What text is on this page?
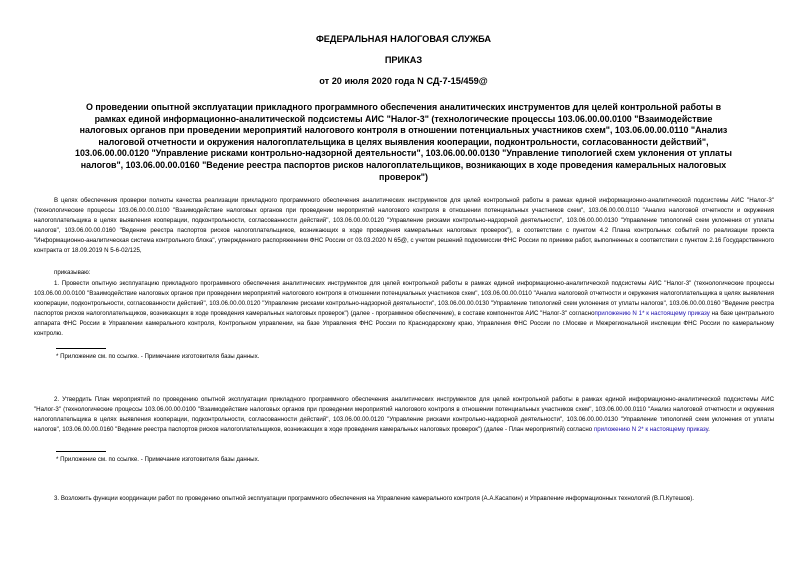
ФЕДЕРАЛЬНАЯ НАЛОГОВАЯ СЛУЖБА
ПРИКАЗ
от 20 июля 2020 года N СД-7-15/459@
О проведении опытной эксплуатации прикладного программного обеспечения аналитических инструментов для целей контрольной работы в рамках единой информационно-аналитической подсистемы АИС "Налог-3" (технологические процессы 103.06.00.00.0100 "Взаимодействие налоговых органов при проведении мероприятий налогового контроля в отношении потенциальных участников схем", 103.06.00.00.0110 "Анализ налоговой отчетности и окружения налогоплательщика в целях выявления кооперации, подконтрольности, согласованности действий", 103.06.00.00.0120 "Управление рисками контрольно-надзорной деятельности", 103.06.00.00.0130 "Управление типологией схем уклонения от уплаты налогов", 103.06.00.00.0160 "Ведение реестра паспортов рисков налогоплательщиков, возникающих в ходе проведения камеральных налоговых проверок")
В целях обеспечения проверки полноты качества реализации прикладного программного обеспечения аналитических инструментов для целей контрольной работы в рамках единой информационно-аналитической подсистемы АИС "Налог-3" (технологические процессы 103.06.00.00.0100 "Взаимодействие налоговых органов при проведении мероприятий налогового контроля в отношении потенциальных участников схем", 103.06.00.00.0110 "Анализ налоговой отчетности и окружения налогоплательщика в целях выявления кооперации, подконтрольности, согласованности действий", 103.06.00.00.0120 "Управление рисками контрольно-надзорной деятельности", 103.06.00.00.0130 "Управление типологией схем уклонения от уплаты налогов", 103.06.00.00.0160 "Ведение реестра паспортов рисков налогоплательщиков, возникающих в ходе проведения камеральных налоговых проверок"), в соответствии с пунктом 4.2 Плана контрольных событий по реализации проекта "Информационно-аналитическая система контрольного блока", утвержденного распоряжением ФНС России от 03.03.2020 N 65@, с учетом решений подкомиссии ФНС России по приемке работ, выполненных в соответствии с пунктом 2.16 Государственного контракта от 18.09.2019 N 5-6-02/125,
приказываю:
1. Провести опытную эксплуатацию прикладного программного обеспечения аналитических инструментов для целей контрольной работы в рамках единой информационно-аналитической подсистемы АИС "Налог-3" (технологические процессы 103.06.00.00.0100 "Взаимодействие налоговых органов при проведении мероприятий налогового контроля в отношении потенциальных участников схем", 103.06.00.00.0110 "Анализ налоговой отчетности и окружения налогоплательщика в целях выявления кооперации, подконтрольности, согласованности действий", 103.06.00.00.0120 "Управление рисками контрольно-надзорной деятельности", 103.06.00.00.0130 "Управление типологией схем уклонения от уплаты налогов", 103.06.00.00.0160 "Ведение реестра паспортов рисков налогоплательщиков, возникающих в ходе проведения камеральных налоговых проверок") (далее - программное обеспечение), в составе компонентов АИС "Налог-3" согласноприложению N 1* к настоящему приказу на базе центрального аппарата ФНС России в Управлении камерального контроля, Контрольном управлении, на базе Управления ФНС России по Краснодарскому краю, Управления ФНС России по г.Москве и Межрегиональной инспекции ФНС России по камеральному контролю.
* Приложение см. по ссылке. - Примечание изготовителя базы данных.
2. Утвердить План мероприятий по проведению опытной эксплуатации прикладного программного обеспечения аналитических инструментов для целей контрольной работы в рамках единой информационно-аналитической подсистемы АИС "Налог-3" (технологические процессы 103.06.00.00.0100 "Взаимодействие налоговых органов при проведении мероприятий налогового контроля в отношении потенциальных участников схем", 103.06.00.00.0110 "Анализ налоговой отчетности и окружения налогоплательщика в целях выявления кооперации, подконтрольности, согласованности действий", 103.06.00.00.0120 "Управление рисками контрольно-надзорной деятельности", 103.06.00.00.0130 "Управление типологией схем уклонения от уплаты налогов", 103.06.00.00.0160 "Ведение реестра паспортов рисков налогоплательщиков, возникающих в ходе проведения камеральных налоговых проверок") (далее - План мероприятий) согласно приложению N 2* к настоящему приказу.
* Приложение см. по ссылке. - Примечание изготовителя базы данных.
3. Возложить функции координации работ по проведению опытной эксплуатации программного обеспечения на Управление камерального контроля (А.А.Касаткин) и Управление информационных технологий (В.П.Кутешов).
